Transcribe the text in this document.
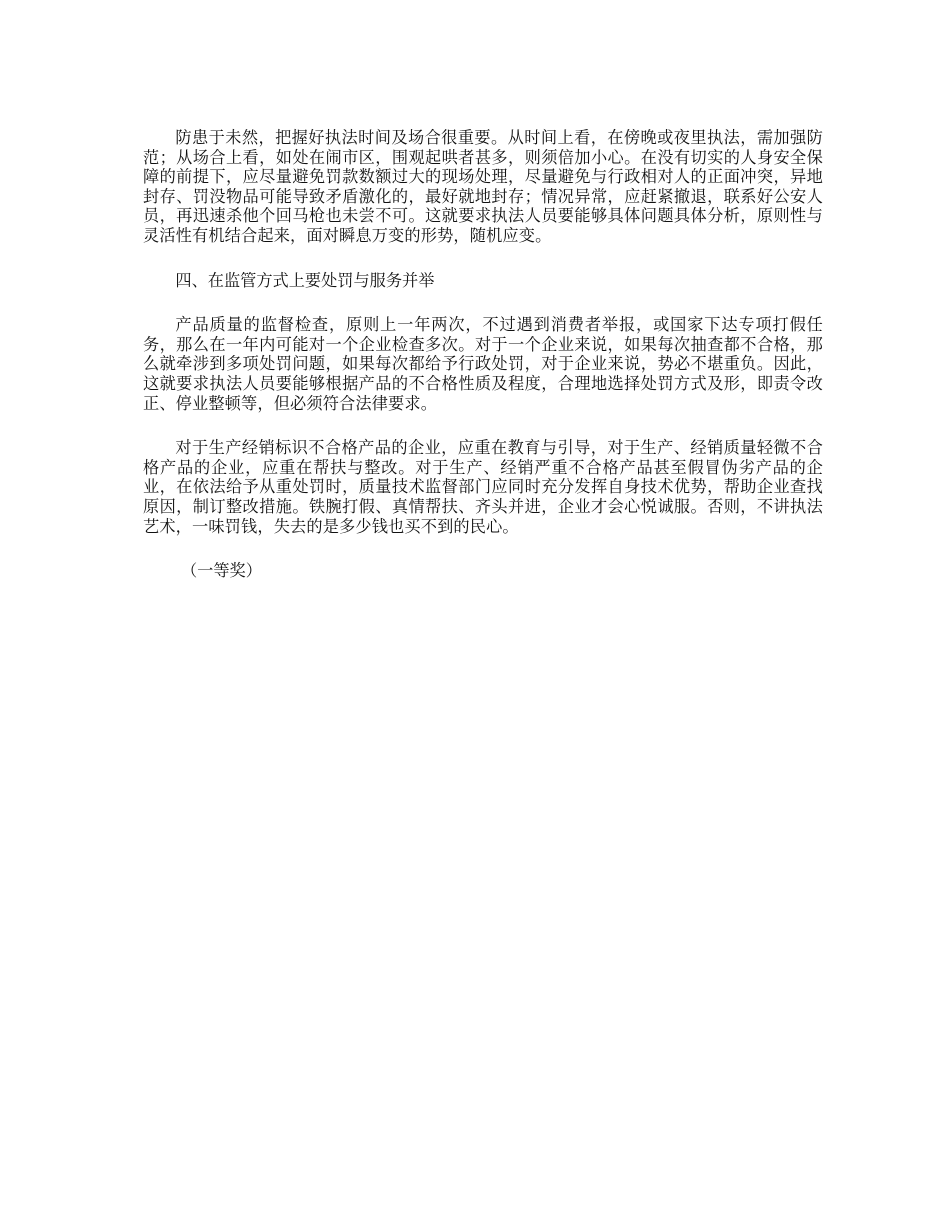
防患于未然，把握好执法时间及场合很重要。从时间上看，在傍晚或夜里执法，需加强防范；从场合上看，如处在闹市区，围观起哄者甚多，则须倍加小心。在没有切实的人身安全保障的前提下，应尽量避免罚款数额过大的现场处理，尽量避免与行政相对人的正面冲突，异地封存、罚没物品可能导致矛盾激化的，最好就地封存；情况异常，应赶紧撤退，联系好公安人员，再迅速杀他个回马枪也未尝不可。这就要求执法人员要能够具体问题具体分析，原则性与灵活性有机结合起来，面对瞬息万变的形势，随机应变。

四、在监管方式上要处罚与服务并举

产品质量的监督检查，原则上一年两次，不过遇到消费者举报，或国家下达专项打假任务，那么在一年内可能对一个企业检查多次。对于一个企业来说，如果每次抽查都不合格，那么就牵涉到多项处罚问题，如果每次都给予行政处罚，对于企业来说，势必不堪重负。因此，这就要求执法人员要能够根据产品的不合格性质及程度，合理地选择处罚方式及形，即责令改正、停业整顿等，但必须符合法律要求。

对于生产经销标识不合格产品的企业，应重在教育与引导，对于生产、经销质量轻微不合格产品的企业，应重在帮扶与整改。对于生产、经销严重不合格产品甚至假冒伪劣产品的企业，在依法给予从重处罚时，质量技术监督部门应同时充分发挥自身技术优势，帮助企业查找原因，制订整改措施。铁腕打假、真情帮扶、齐头并进，企业才会心悦诚服。否则，不讲执法艺术，一味罚钱，失去的是多少钱也买不到的民心。

（一等奖）
